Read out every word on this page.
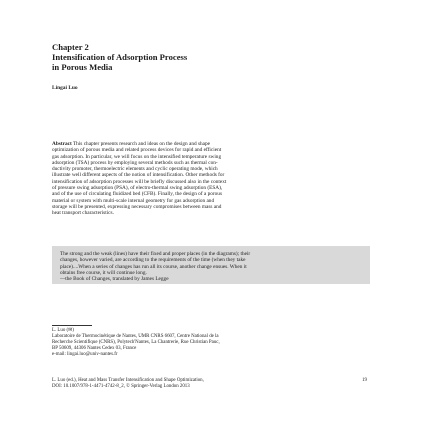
Chapter 2
Intensification of Adsorption Process
in Porous Media
Lingai Luo
Abstract This chapter presents research and ideas on the design and shape
optimization of porous media and related process devices for rapid and efficient
gas adsorption. In particular, we will focus on the intensified temperature swing
adsorption (TSA) process by employing several methods such as thermal con-
ductivity promoter, thermoelectric elements and cyclic operating mode, which
illustrate well different aspects of the notion of intensification. Other methods for
intensification of adsorption processes will be briefly discussed also in the context
of pressure swing adsorption (PSA), of electro-thermal swing adsorption (ESA),
and of the use of circulating fluidized bed (CFB). Finally, the design of a porous
material or system with multi-scale internal geometry for gas adsorption and
storage will be presented, expressing necessary compromises between mass and
heat transport characteristics.
The strong and the weak (lines) have their fixed and proper places (in the diagrams); their
changes, however varied, are according to the requirements of the time (when they take
place)....When a series of changes has run all its course, another change ensues. When it
obtains free course, it will continue long.
—the Book of Changes, translated by James Legge
L. Luo (✉)
Laboratoire de Thermocinétique de Nantes, UMR CNRS 6607, Centre National de la
Recherche Scientifique (CNRS), Polytech'Nantes, La Chantrerie, Rue Christian Pauc,
BP 50609, 44306 Nantes Cedex 03, France
e-mail: lingai.luo@univ-nantes.fr
L. Luo (ed.), Heat and Mass Transfer Intensification and Shape Optimization,
DOI: 10.1007/978-1-4471-4742-8_2, © Springer-Verlag London 2013
19
